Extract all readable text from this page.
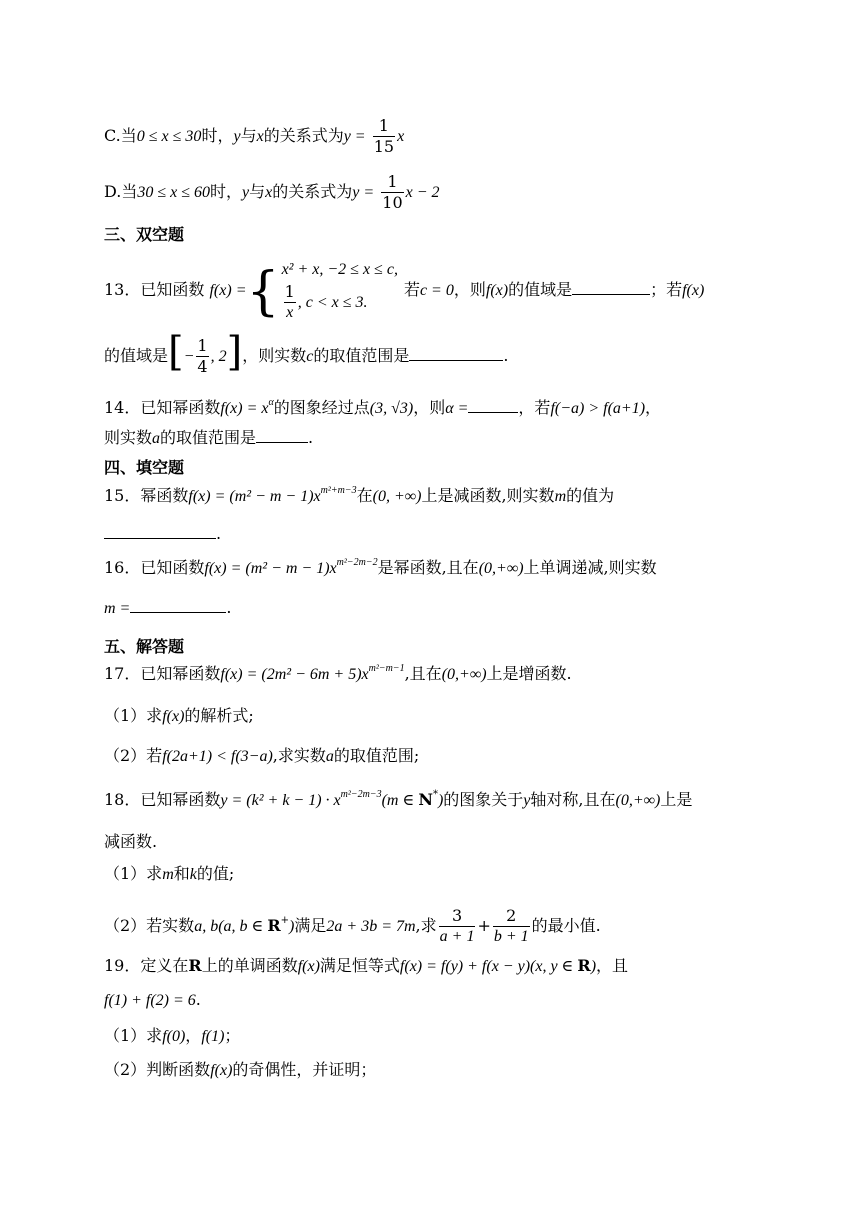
C.当0 ≤ x ≤ 30时，y与x的关系式为$y = \frac{1}{15}$ x
D.当30 ≤ x ≤ 60时，y与x的关系式为$y = \frac{1}{10}$ x − 2
三、双空题
13．已知函数 f(x) ={ x² + x, −2 ≤ x ≤ c,
$\frac{1}{x}$ , c < x ≤ 3.
若c = 0，则f(x)的值域是	；若f(x)
的值域是[− $\frac{1}{4}$ , 2]，则实数c的取值范围是	.
14．已知幂函数$f(x) = x^\alpha$的图象经过点(3, √3)，则α =	，若f(−a) > f(a+1)，
则实数a的取值范围是	.
四、填空题
15．幂函数$f(x) = (m^2 - m - 1)x^{m^2+m-3}$在(0, +∞)上是减函数,则实数m的值为
.
16．已知函数$f(x) = (m^2 - m - 1)x^{m^2-2m-2}$是幂函数,且在(0,+∞)上单调递减,则实数
m =	.
五、解答题
17．已知幂函数$f(x) = (2m^2 - 6m + 5)x^{m^2-m-1}$,且在(0,+∞)上是增函数.
（1）求f(x)的解析式;
（2）若f(2a+1) < f(3−a),求实数a的取值范围;
18．已知幂函数$y = (k^2 + k - 1) \cdot x^{m^2-2m-3}(m$ ∈ N*)的图象关于y轴对称,且在(0,+∞)上是
减函数.
（1）求m和k的值;
（2）若实数a, b(a, b ∈ R+)满足2a + 3b = 7m,求 $\frac{3}{a + 1} + \frac{2}{b + 1}$ 的最小值.
19．定义在R上的单调函数f(x)满足恒等式f(x) = f(y) + f(x − y)(x, y ∈ R)，且
f(1) + f(2) = 6.
（1）求f(0)，f(1)；
（2）判断函数f(x)的奇偶性，并证明；
